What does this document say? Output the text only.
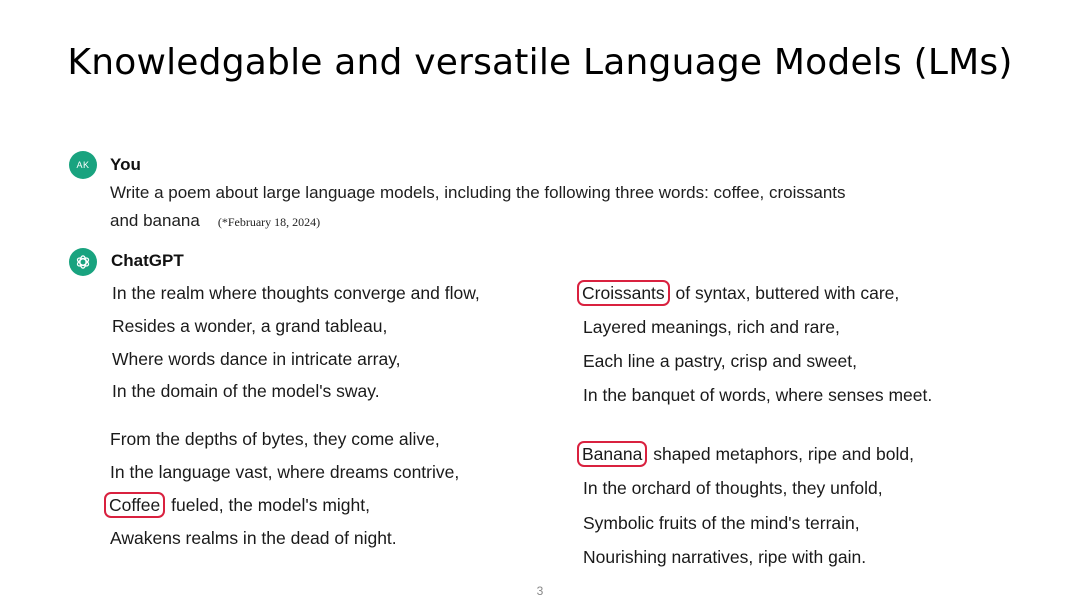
Knowledgable and versatile Language Models (LMs)
AK You
Write a poem about large language models, including the following three words: coffee, croissants
and banana (*February 18, 2024)
ChatGPT
In the realm where thoughts converge and flow,
Resides a wonder, a grand tableau,
Where words dance in intricate array,
In the domain of the model's sway.
From the depths of bytes, they come alive,
In the language vast, where dreams contrive,
Coffee fueled, the model's might,
Awakens realms in the dead of night.
Croissants of syntax, buttered with care,
Layered meanings, rich and rare,
Each line a pastry, crisp and sweet,
In the banquet of words, where senses meet.
Banana shaped metaphors, ripe and bold,
In the orchard of thoughts, they unfold,
Symbolic fruits of the mind's terrain,
Nourishing narratives, ripe with gain.
3
